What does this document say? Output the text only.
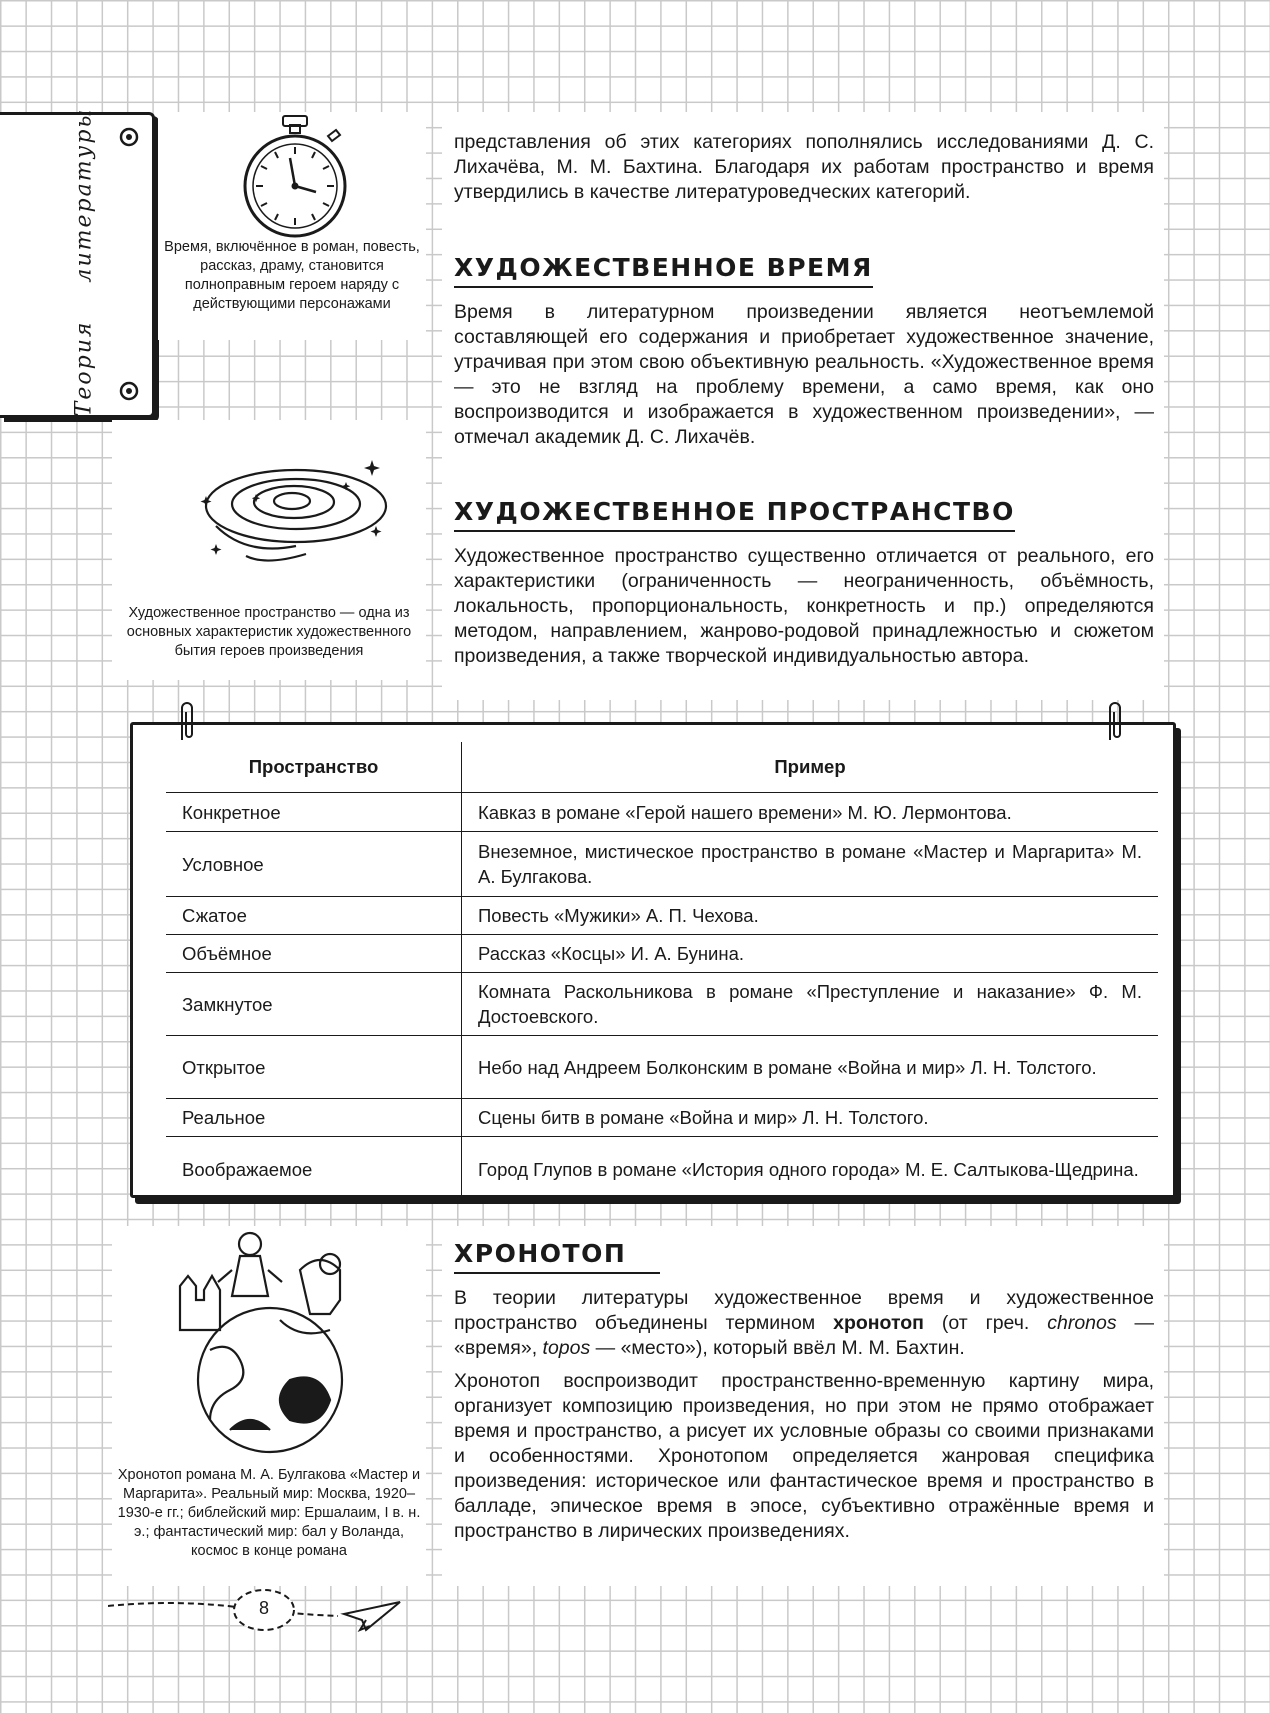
Теориялитературы	Время, включённое в роман, повесть, рассказ, драму, становится полноправным героем наряду с действующими персонажами
Художественное пространство — одна из основных характеристик художественного бытия героев произведения
представления об этих категориях пополнялись исследованиями Д. С. Лихачёва, М. М. Бахтина. Благодаря их работам пространство и время утвердились в качестве литературоведческих категорий.
ХУДОЖЕСТВЕННОЕ ВРЕМЯ
Время в литературном произведении является неотъемлемой составляющей его содержания и приобретает художественное значение, утрачивая при этом свою объективную реальность. «Художественное время — это не взгляд на проблему времени, а само время, как оно воспроизводится и изображается в художественном произведении», — отмечал академик Д. С. Лихачёв.
ХУДОЖЕСТВЕННОЕ ПРОСТРАНСТВО
Художественное пространство существенно отличается от реального, его характеристики (ограниченность — неограниченность, объёмность, локальность, пропорциональность, конкретность и пр.) определяются методом, направлением, жанрово-родовой принадлежностью и сюжетом произведения, а также творческой индивидуальностью автора.
Пространство	Пример
Конкретное	Кавказ в романе «Герой нашего времени» М. Ю. Лермонтова.
Условное	Внеземное, мистическое пространство в романе «Мастер и Маргарита» М. А. Булгакова.
Сжатое	Повесть «Мужики» А. П. Чехова.
Объёмное	Рассказ «Косцы» И. А. Бунина.
Замкнутое	Комната Раскольникова в романе «Преступление и наказание» Ф. М. Достоевского.
Открытое	Небо над Андреем Болконским в романе «Война и мир» Л. Н. Толстого.
Реальное	Сцены битв в романе «Война и мир» Л. Н. Толстого.
Воображаемое	Город Глупов в романе «История одного города» М. Е. Салтыкова-Щедрина.
Хронотоп романа М. А. Булгакова «Мастер и Маргарита». Реальный мир: Москва, 1920–1930-е гг.; библейский мир: Ершалаим, I в. н. э.; фантастический мир: бал у Воланда, космос в конце романа
ХРОНОТОП

В теории литературы художественное время и художественное пространство объединены термином хронотоп (от греч. chronos — «время», topos — «место»), который ввёл М. М. Бахтин.

Хронотоп воспроизводит пространственно-временную картину мира, организует композицию произведения, но при этом не прямо отображает время и пространство, а рисует их условные образы со своими признаками и особенностями. Хронотопом определяется жанровая специфика произведения: историческое или фантастическое время и пространство в балладе, эпическое время в эпосе, субъективно отражённые время и пространство в лирических произведениях.

8
